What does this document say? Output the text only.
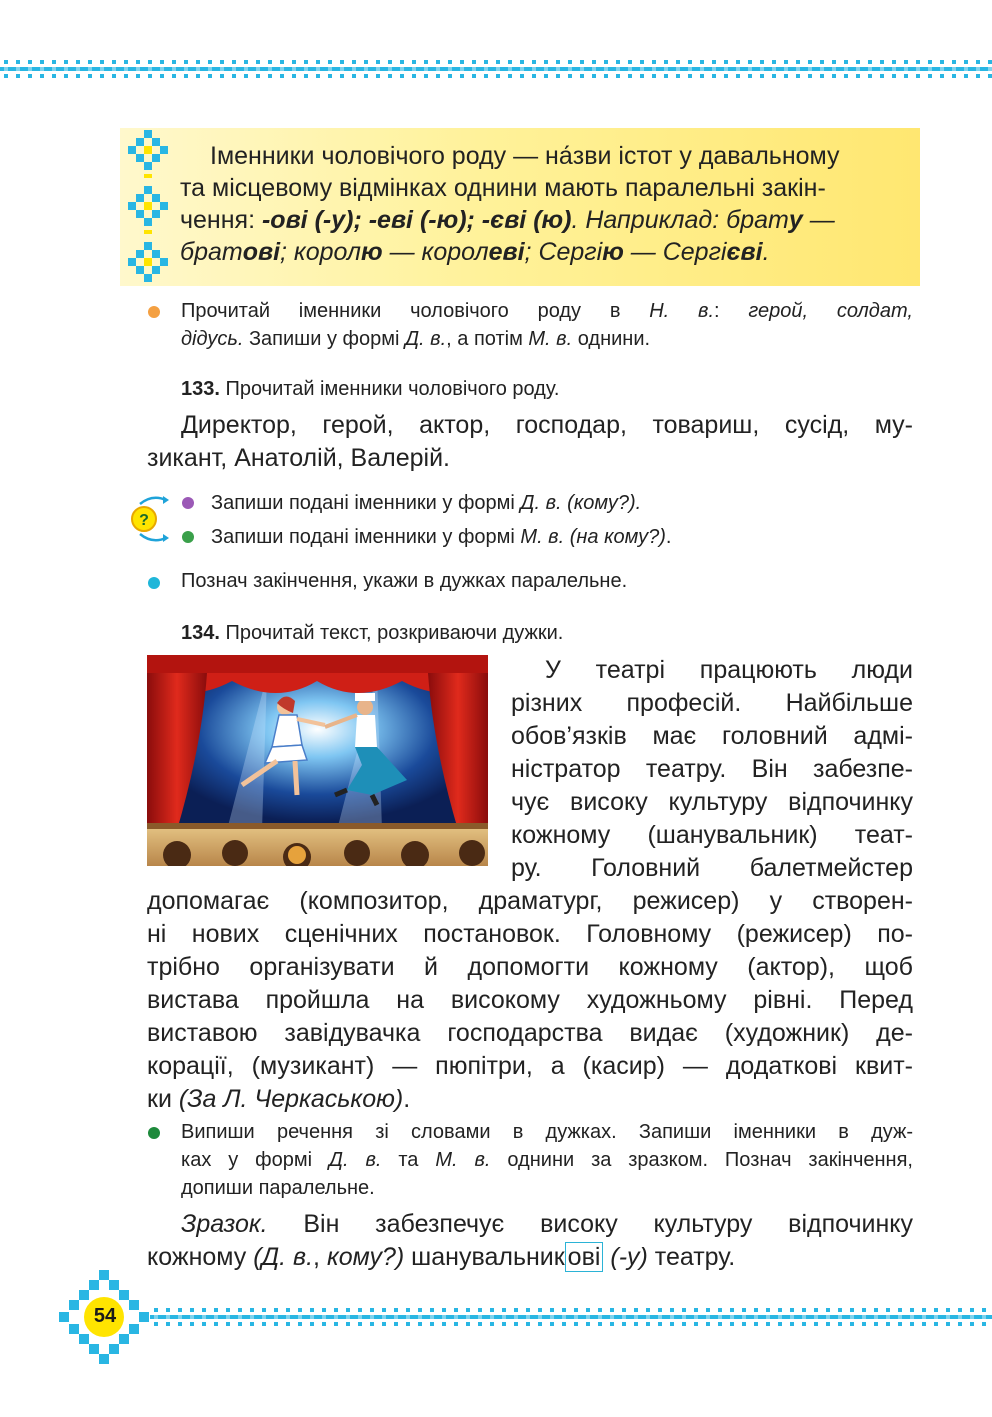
Іменники чоловічого роду — на́зви істот у давальному
та місцевому відмінках однини мають паралельні закін-
чення: -ові (-у); -еві (-ю); -єві (ю). Наприклад: брату —
братові; королю — королеві; Сергію — Сергієві.
Прочитай іменники чоловічого роду в Н. в.: герой, солдат,
дідусь. Запиши у формі Д. в., а потім М. в. однини.
133. Прочитай іменники чоловічого роду.
Директор, герой, актор, господар, товариш, сусід, му-
зикант, Анатолій, Валерій.
?
Запиши подані іменники у формі Д. в. (кому?).
Запиши подані іменники у формі М. в. (на кому?).
Познач закінчення, укажи в дужках паралельне.
134. Прочитай текст, розкриваючи дужки.
У театрі працюють люди
різних професій. Найбільше
обов’язків має головний адмі-
ністратор театру. Він забезпе-
чує високу культуру відпочинку
кожному (шанувальник) теат-
ру. Головний балетмейстер
допомагає (композитор, драматург, режисер) у створен-
ні нових сценічних постановок. Головному (режисер) по-
трібно організувати й допомогти кожному (актор), щоб
вистава пройшла на високому художньому рівні. Перед
виставою завідувачка господарства видає (художник) де-
корації, (музикант) — пюпітри, а (касир) — додаткові квит-
ки (За Л. Черкаською).
Випиши речення зі словами в дужках. Запиши іменники в дуж-
ках у формі Д. в. та М. в. однини за зразком. Познач закінчення,
допиши паралельне.
Зразок. Він забезпечує високу культуру відпочинку
кожному (Д. в., кому?) шанувальник ові (-у) театру.
54
